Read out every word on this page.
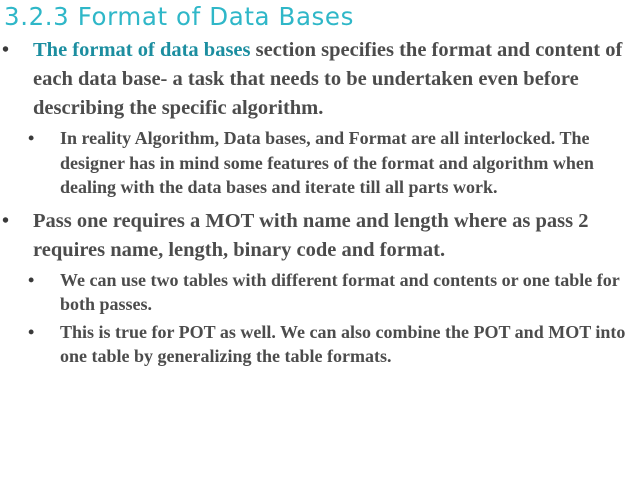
3.2.3 Format of Data Bases
• The format of data bases section specifies the format and content of each data base- a task that needs to be undertaken even before describing the specific algorithm.
• In reality Algorithm, Data bases, and Format are all interlocked. The designer has in mind some features of the format and algorithm when dealing with the data bases and iterate till all parts work.
• Pass one requires a MOT with name and length where as pass 2 requires name, length, binary code and format.
• We can use two tables with different format and contents or one table for both passes.
• This is true for POT as well. We can also combine the POT and MOT into one table by generalizing the table formats.
